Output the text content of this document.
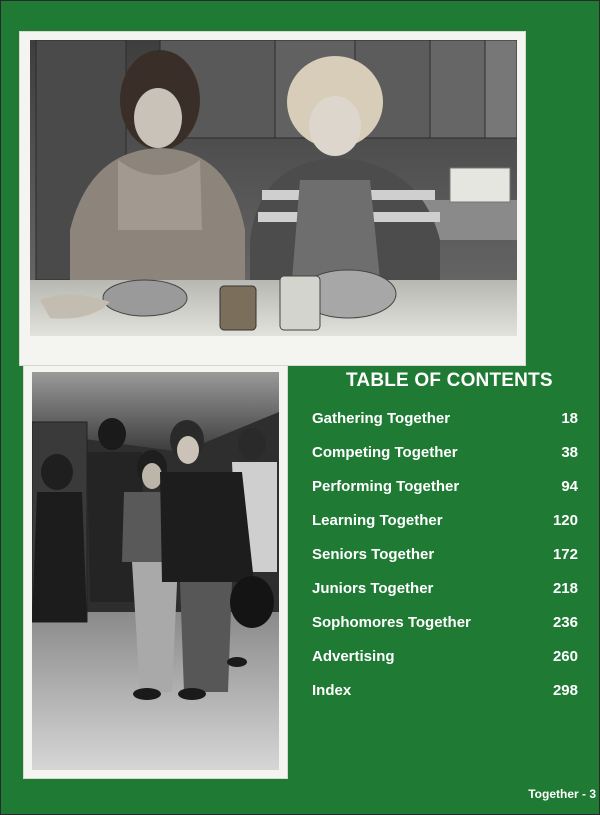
TABLE OF CONTENTS
Gathering Together	18
Competing Together	38
Performing Together	94
Learning Together	120
Seniors Together	172
Juniors Together	218
Sophomores Together	236
Advertising	260
Index	298
Together - 3
